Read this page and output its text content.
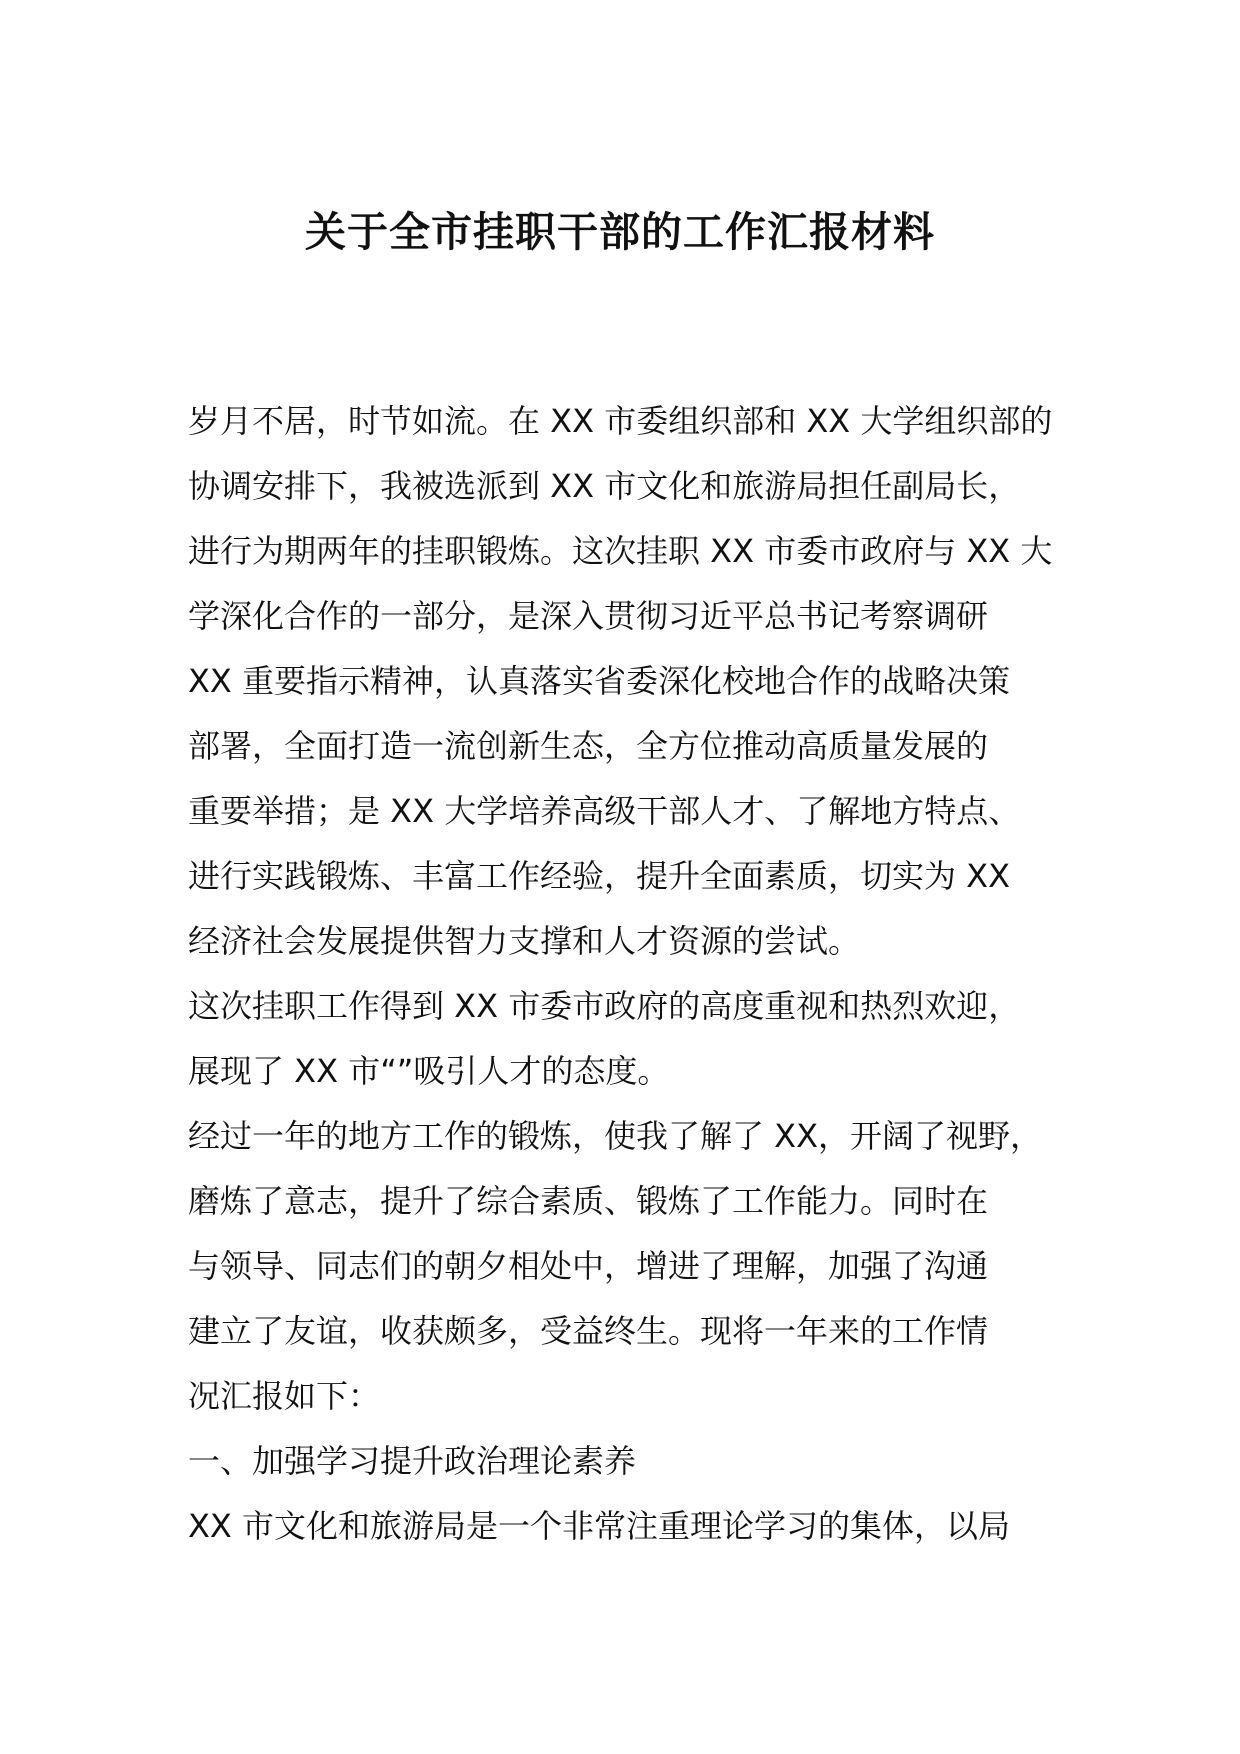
关于全市挂职干部的工作汇报材料

岁月不居，时节如流。在 XX 市委组织部和 XX 大学组织部的

协调安排下，我被选派到 XX 市文化和旅游局担任副局长，

进行为期两年的挂职锻炼。这次挂职 XX 市委市政府与 XX 大

学深化合作的一部分，是深入贯彻习近平总书记考察调研

XX 重要指示精神，认真落实省委深化校地合作的战略决策

部署，全面打造一流创新生态，全方位推动高质量发展的

重要举措；是 XX 大学培养高级干部人才、了解地方特点、

进行实践锻炼、丰富工作经验，提升全面素质，切实为 XX

经济社会发展提供智力支撑和人才资源的尝试。

这次挂职工作得到 XX 市委市政府的高度重视和热烈欢迎，

展现了 XX 市“”吸引人才的态度。

经过一年的地方工作的锻炼，使我了解了 XX，开阔了视野，

磨炼了意志，提升了综合素质、锻炼了工作能力。同时在

与领导、同志们的朝夕相处中，增进了理解，加强了沟通

建立了友谊，收获颇多，受益终生。现将一年来的工作情

况汇报如下：

一、加强学习提升政治理论素养

XX 市文化和旅游局是一个非常注重理论学习的集体，以局
